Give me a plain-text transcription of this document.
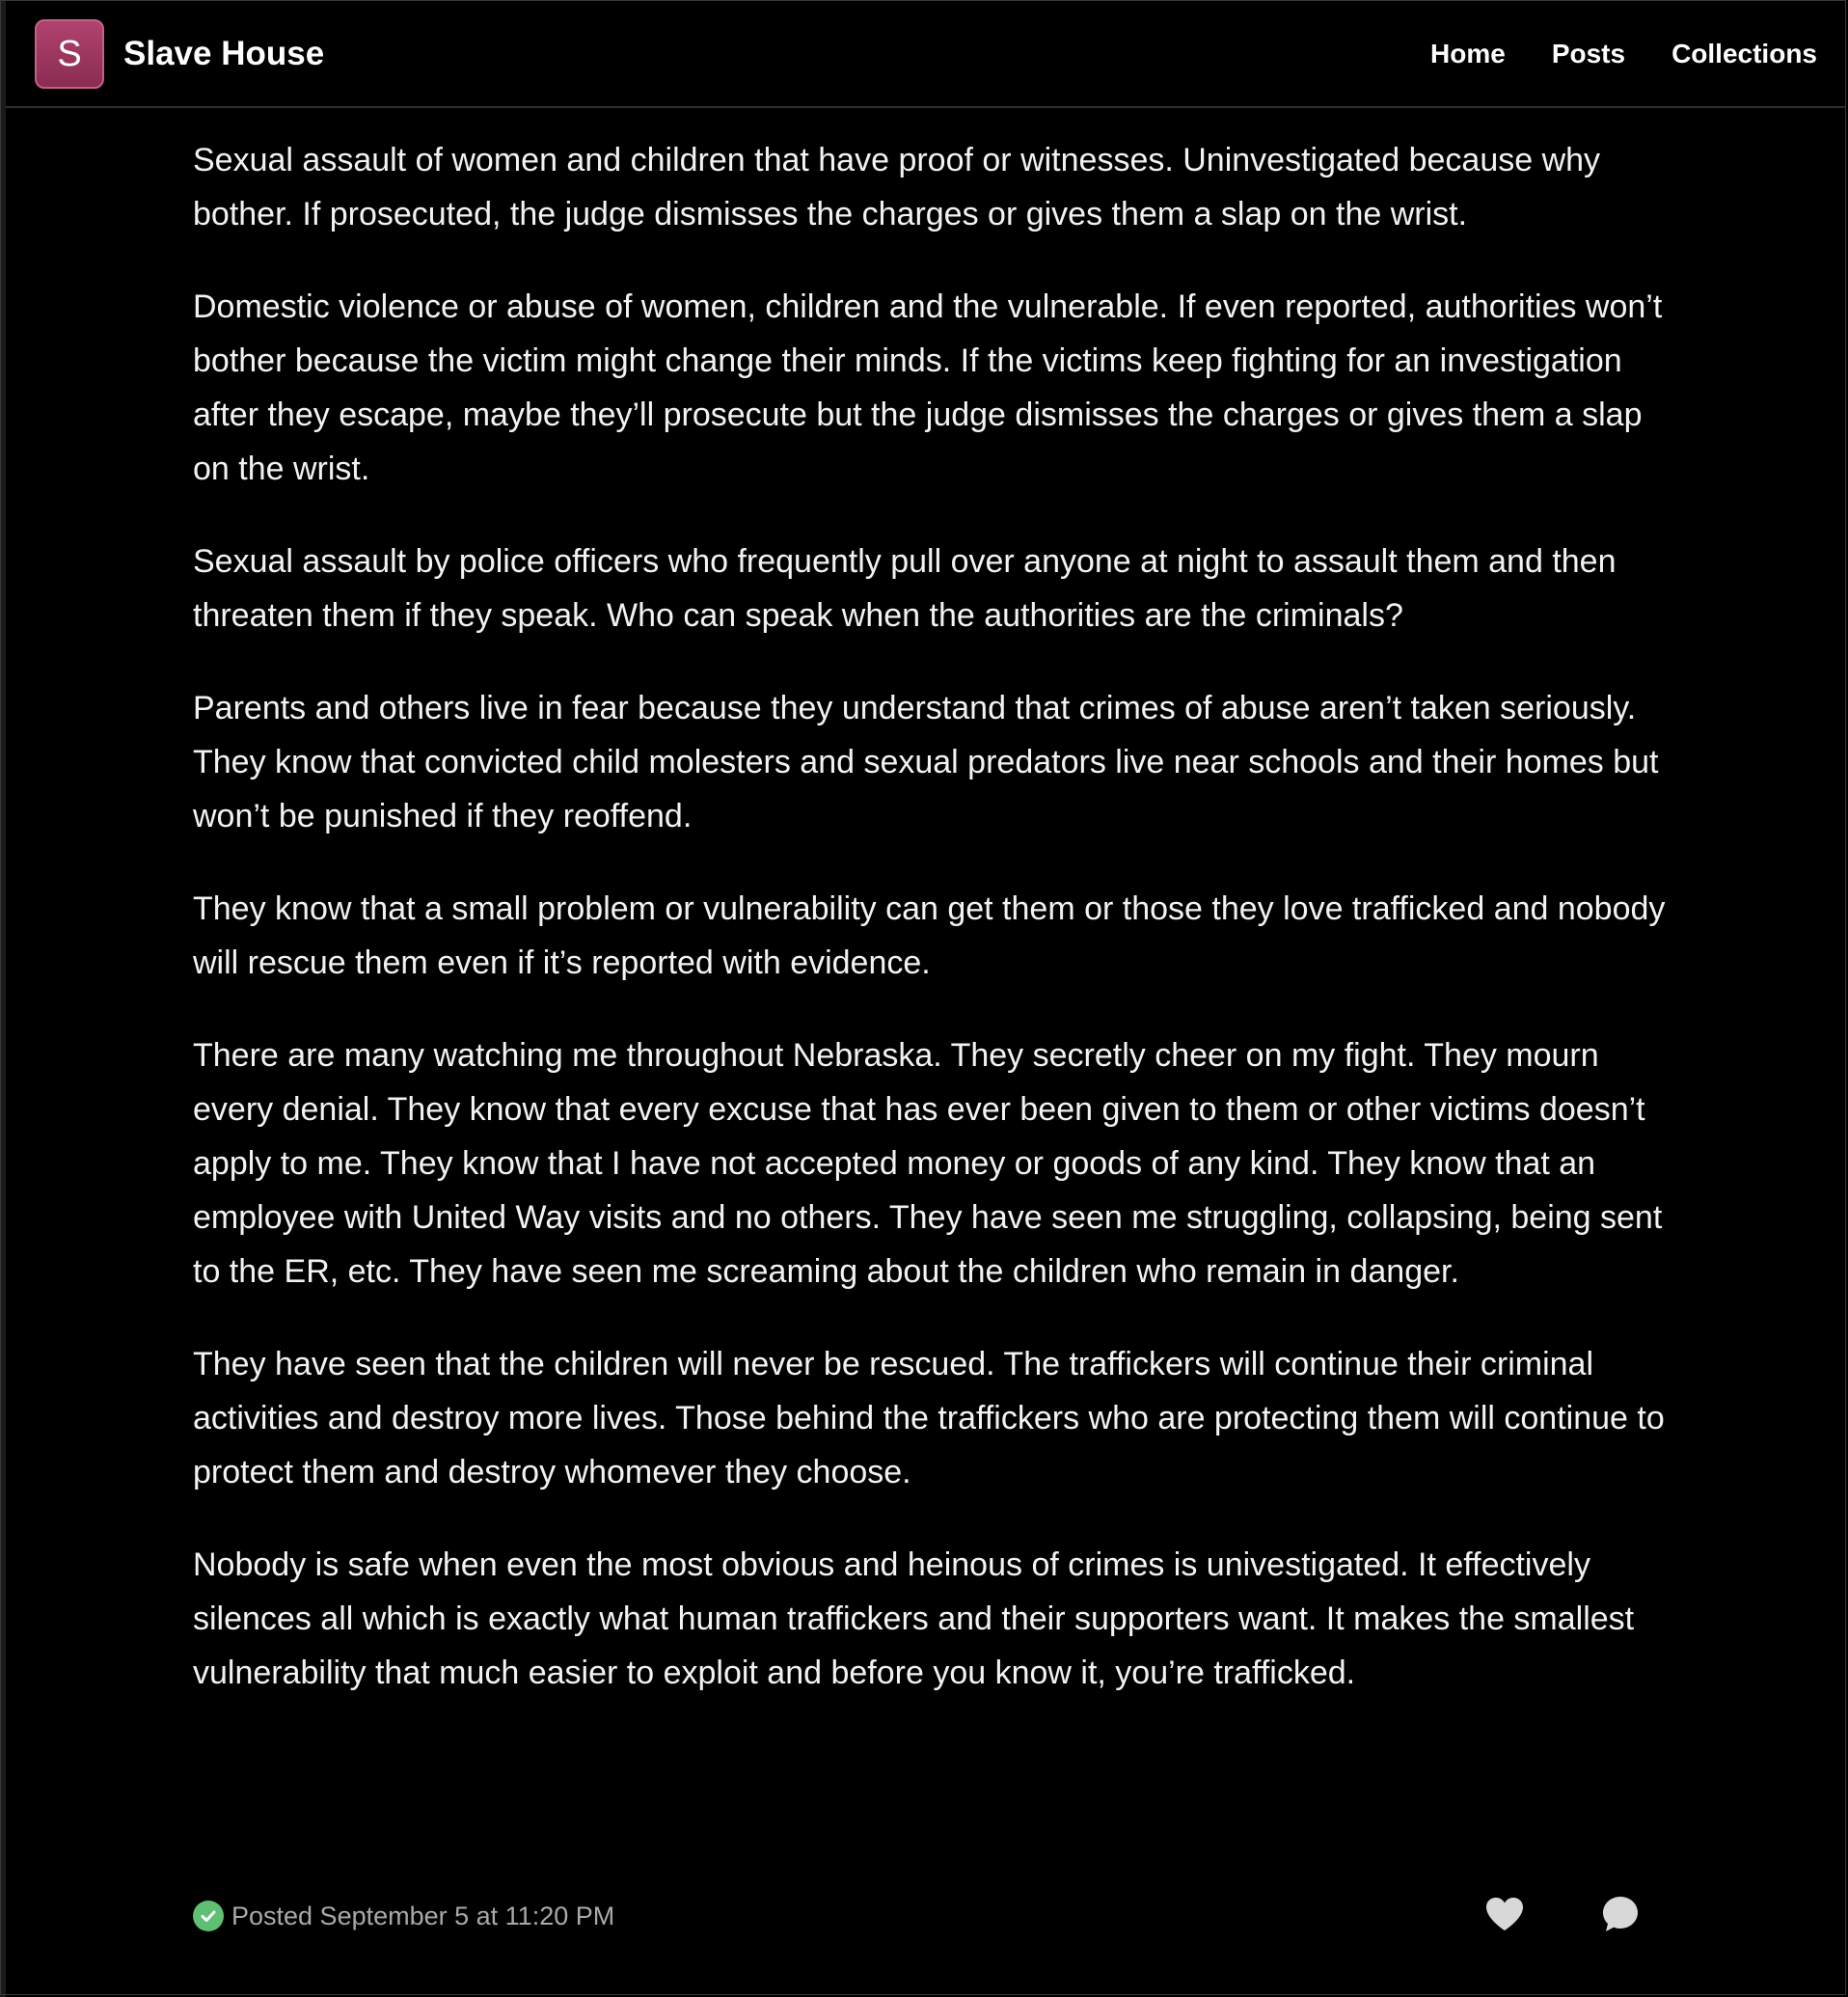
S Slave House	Home Posts Collections

Sexual assault of women and children that have proof or witnesses. Uninvestigated because why bother. If prosecuted, the judge dismisses the charges or gives them a slap on the wrist.

Domestic violence or abuse of women, children and the vulnerable. If even reported, authorities won’t bother because the victim might change their minds. If the victims keep fighting for an investigation after they escape, maybe they’ll prosecute but the judge dismisses the charges or gives them a slap on the wrist.

Sexual assault by police officers who frequently pull over anyone at night to assault them and then threaten them if they speak. Who can speak when the authorities are the criminals?

Parents and others live in fear because they understand that crimes of abuse aren’t taken seriously. They know that convicted child molesters and sexual predators live near schools and their homes but won’t be punished if they reoffend.

They know that a small problem or vulnerability can get them or those they love trafficked and nobody will rescue them even if it’s reported with evidence.

There are many watching me throughout Nebraska. They secretly cheer on my fight. They mourn every denial. They know that every excuse that has ever been given to them or other victims doesn’t apply to me. They know that I have not accepted money or goods of any kind. They know that an employee with United Way visits and no others. They have seen me struggling, collapsing, being sent to the ER, etc. They have seen me screaming about the children who remain in danger.

They have seen that the children will never be rescued. The traffickers will continue their criminal activities and destroy more lives. Those behind the traffickers who are protecting them will continue to protect them and destroy whomever they choose.

Nobody is safe when even the most obvious and heinous of crimes is univestigated. It effectively silences all which is exactly what human traffickers and their supporters want. It makes the smallest vulnerability that much easier to exploit and before you know it, you’re trafficked.

Posted September 5 at 11:20 PM
